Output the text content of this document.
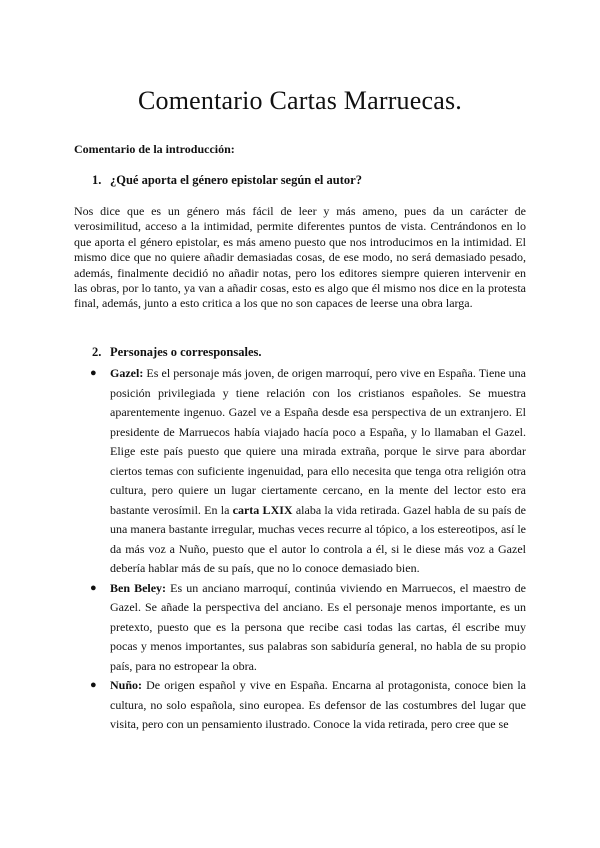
Comentario Cartas Marruecas.

Comentario de la introducción:

1. ¿Qué aporta el género epistolar según el autor?

Nos dice que es un género más fácil de leer y más ameno, pues da un carácter de verosimilitud, acceso a la intimidad, permite diferentes puntos de vista. Centrándonos en lo que aporta el género epistolar, es más ameno puesto que nos introducimos en la intimidad. El mismo dice que no quiere añadir demasiadas cosas, de ese modo, no será demasiado pesado, además, finalmente decidió no añadir notas, pero los editores siempre quieren intervenir en las obras, por lo tanto, ya van a añadir cosas, esto es algo que él mismo nos dice en la protesta final, además, junto a esto critica a los que no son capaces de leerse una obra larga.

2. Personajes o corresponsales.

● Gazel: Es el personaje más joven, de origen marroquí, pero vive en España. Tiene una posición privilegiada y tiene relación con los cristianos españoles. Se muestra aparentemente ingenuo. Gazel ve a España desde esa perspectiva de un extranjero. El presidente de Marruecos había viajado hacía poco a España, y lo llamaban el Gazel. Elige este país puesto que quiere una mirada extraña, porque le sirve para abordar ciertos temas con suficiente ingenuidad, para ello necesita que tenga otra religión otra cultura, pero quiere un lugar ciertamente cercano, en la mente del lector esto era bastante verosímil. En la carta LXIX alaba la vida retirada. Gazel habla de su país de una manera bastante irregular, muchas veces recurre al tópico, a los estereotipos, así le da más voz a Nuño, puesto que el autor lo controla a él, si le diese más voz a Gazel debería hablar más de su país, que no lo conoce demasiado bien.
● Ben Beley: Es un anciano marroquí, continúa viviendo en Marruecos, el maestro de Gazel. Se añade la perspectiva del anciano. Es el personaje menos importante, es un pretexto, puesto que es la persona que recibe casi todas las cartas, él escribe muy pocas y menos importantes, sus palabras son sabiduría general, no habla de su propio país, para no estropear la obra.
● Nuño: De origen español y vive en España. Encarna al protagonista, conoce bien la cultura, no solo española, sino europea. Es defensor de las costumbres del lugar que visita, pero con un pensamiento ilustrado. Conoce la vida retirada, pero cree que se
